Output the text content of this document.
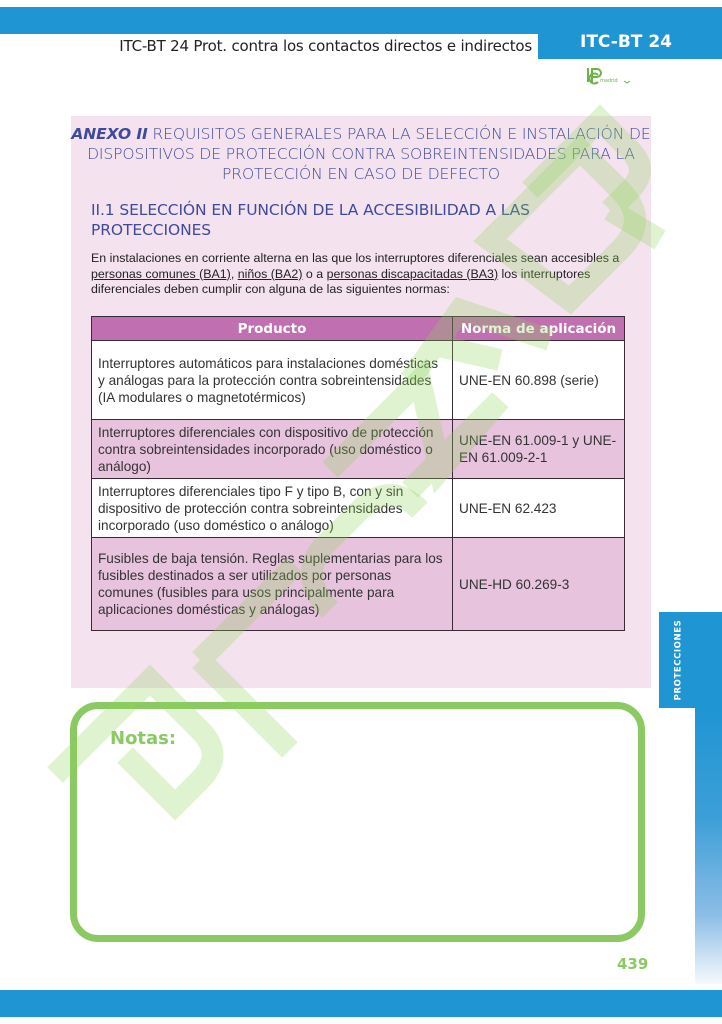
ITC-BT 24 Prot. contra los contactos directos e indirectos	ITC-BT 24
madrid
ANEXO II REQUISITOS GENERALES PARA LA SELECCIÓN E INSTALACIÓN DE DISPOSITIVOS DE PROTECCIÓN CONTRA SOBREINTENSIDADES PARA LA PROTECCIÓN EN CASO DE DEFECTO
II.1 SELECCIÓN EN FUNCIÓN DE LA ACCESIBILIDAD A LAS PROTECCIONES
En instalaciones en corriente alterna en las que los interruptores diferenciales sean accesibles a personas comunes (BA1), niños (BA2) o a personas discapacitadas (BA3) los interruptores diferenciales deben cumplir con alguna de las siguientes normas:
Producto	Norma de aplicación
Interruptores automáticos para instalaciones domésticas y análogas para la protección contra sobreintensidades (IA modulares o magnetotérmicos)	UNE-EN 60.898 (serie)
Interruptores diferenciales con dispositivo de protección contra sobreintensidades incorporado (uso doméstico o análogo)	UNE-EN 61.009-1 y UNE-EN 61.009-2-1
Interruptores diferenciales tipo F y tipo B, con y sin dispositivo de protección contra sobreintensidades incorporado (uso doméstico o análogo)	UNE-EN 62.423
Fusibles de baja tensión. Reglas suplementarias para los fusibles destinados a ser utilizados por personas comunes (fusibles para usos principalmente para aplicaciones domésticas y análogas)	UNE-HD 60.269-3
Notas:
PROTECCIONES
439
